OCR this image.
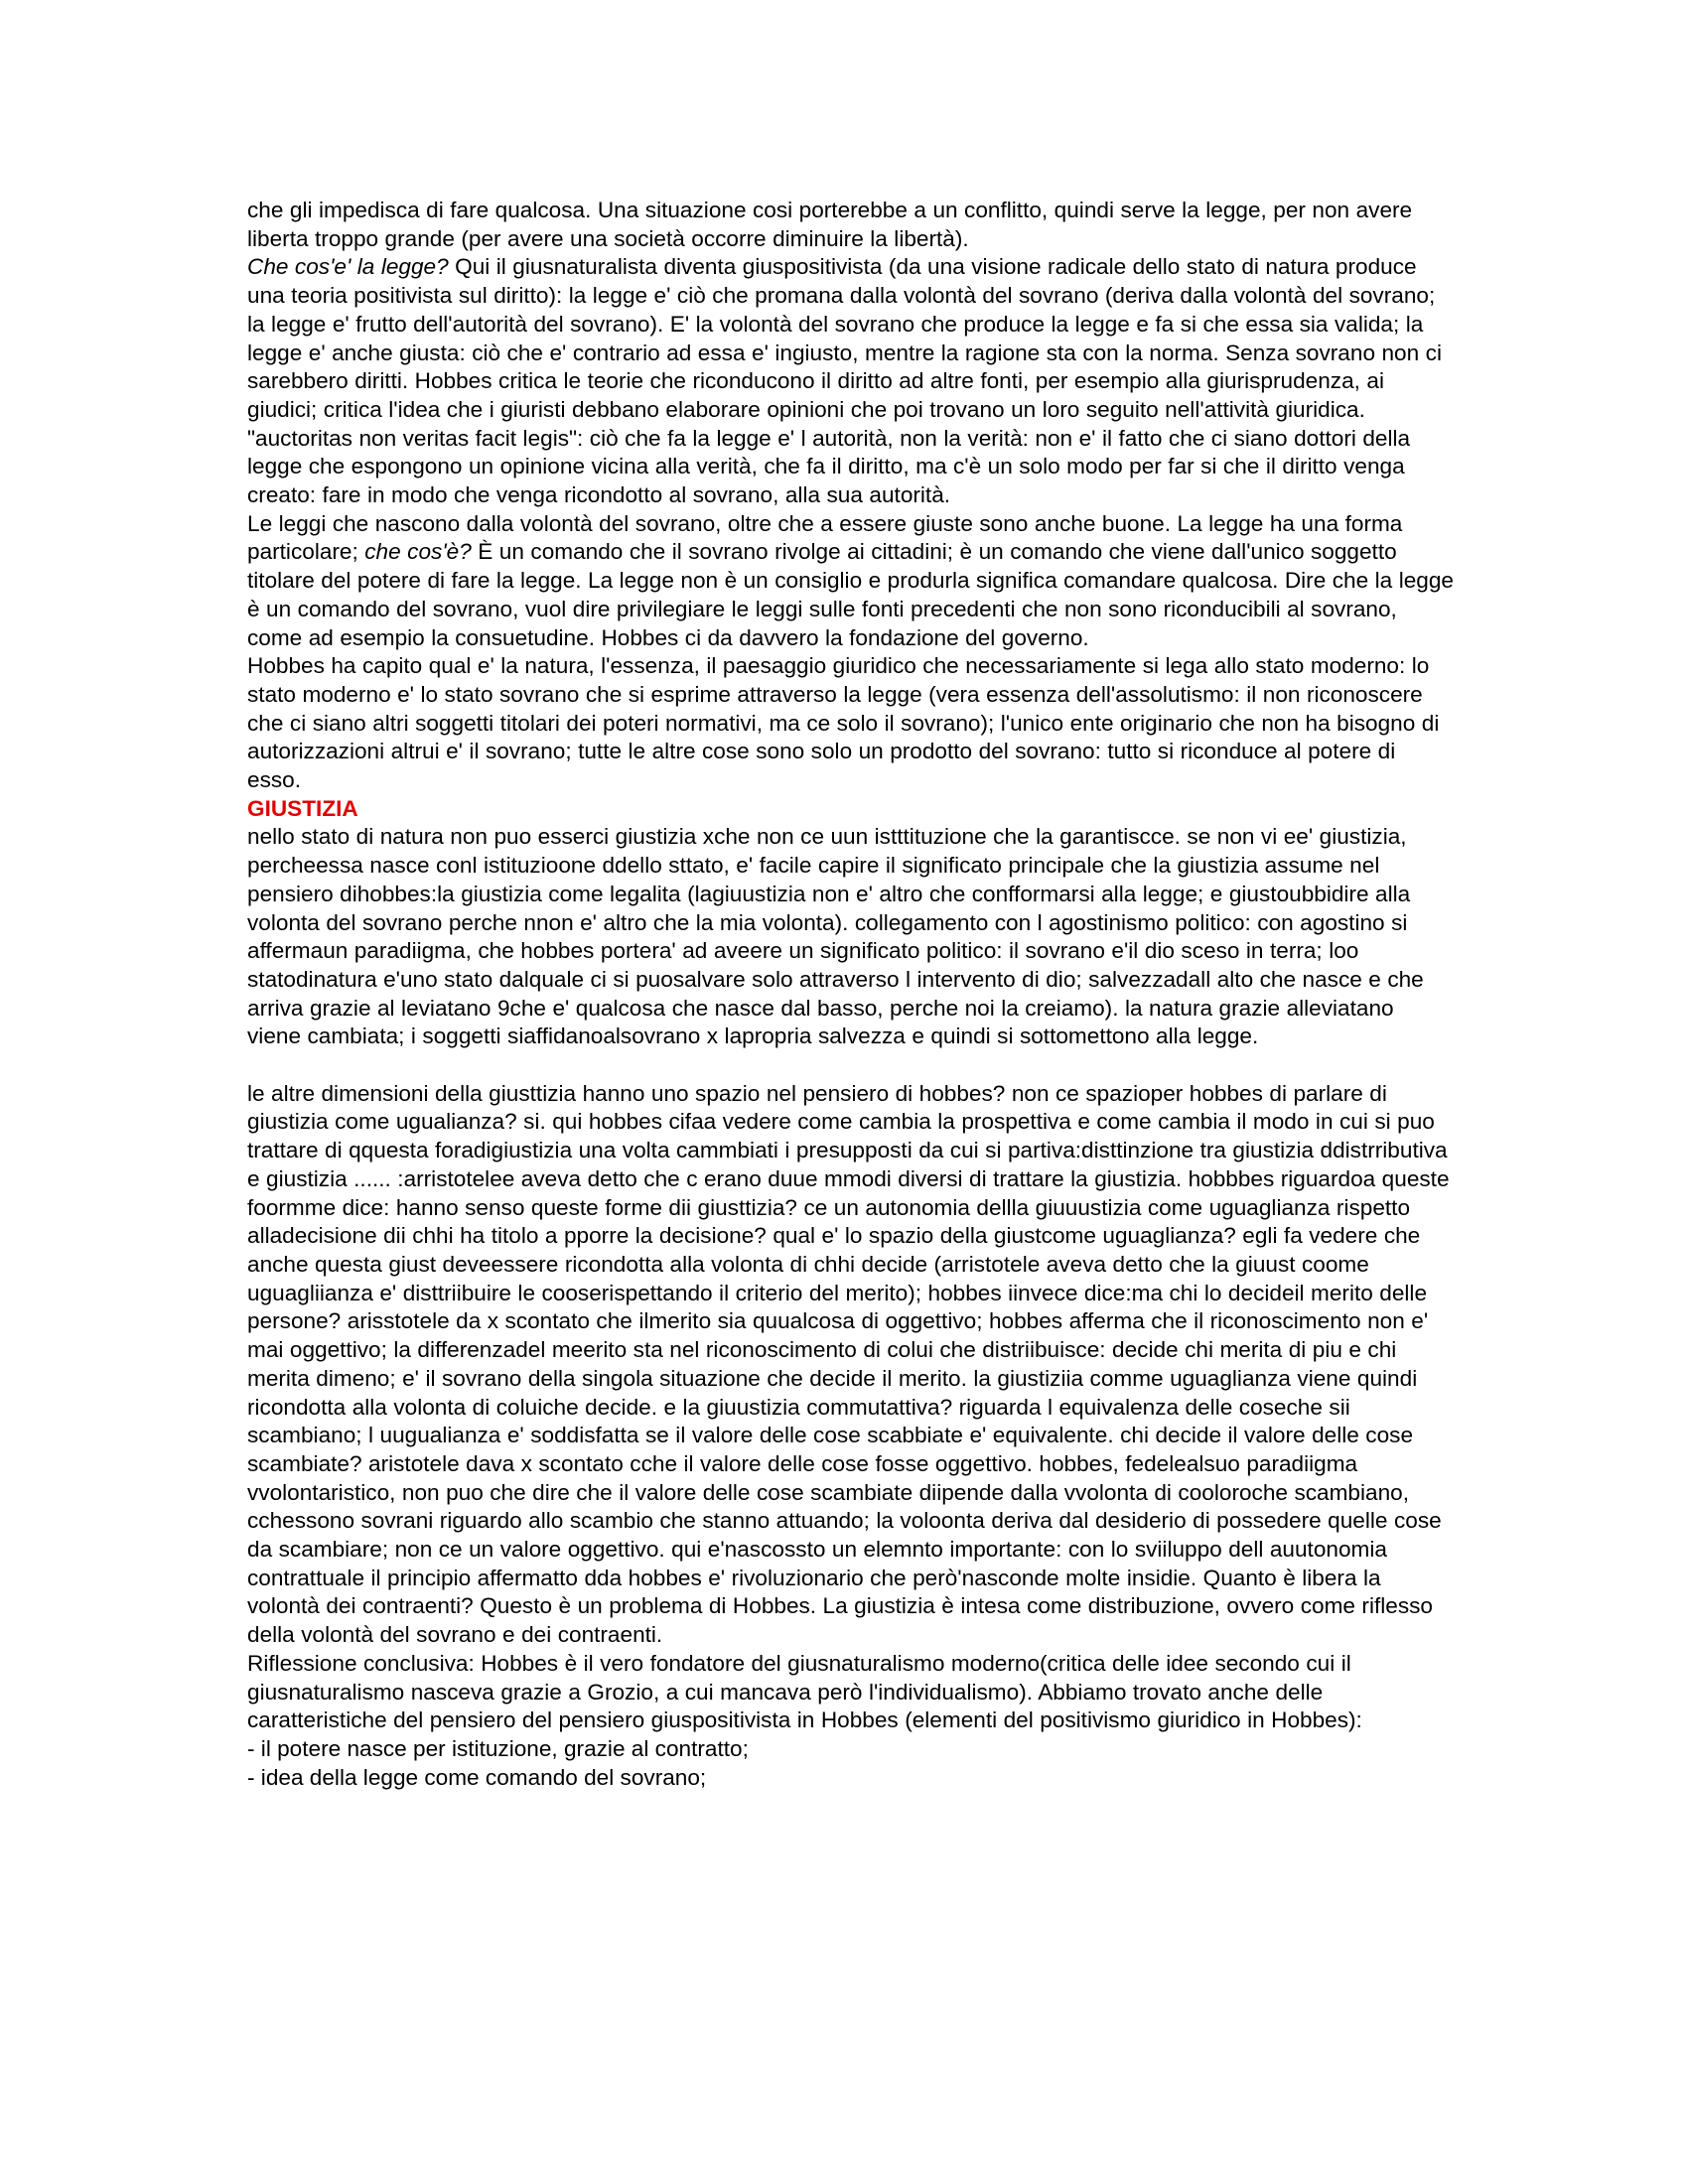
che gli impedisca di fare qualcosa. Una situazione cosi porterebbe a un conflitto, quindi serve la legge, per non avere liberta troppo grande (per avere una società occorre diminuire la libertà).

Che cos'e' la legge? Qui il giusnaturalista diventa giuspositivista (da una visione radicale dello stato di natura produce una teoria positivista sul diritto): la legge e' ciò che promana dalla volontà del sovrano (deriva dalla volontà del sovrano; la legge e' frutto dell'autorità del sovrano). E' la volontà del sovrano che produce la legge e fa si che essa sia valida; la legge e' anche giusta: ciò che e' contrario ad essa e' ingiusto, mentre la ragione sta con la norma. Senza sovrano non ci sarebbero diritti. Hobbes critica le teorie che riconducono il diritto ad altre fonti, per esempio alla giurisprudenza, ai giudici; critica l'idea che i giuristi debbano elaborare opinioni che poi trovano un loro seguito nell'attività giuridica. "auctoritas non veritas facit legis": ciò che fa la legge e' l autorità, non la verità: non e' il fatto che ci siano dottori della legge che espongono un opinione vicina alla verità, che fa il diritto, ma c'è un solo modo per far si che il diritto venga creato: fare in modo che venga ricondotto al sovrano, alla sua autorità.

Le leggi che nascono dalla volontà del sovrano, oltre che a essere giuste sono anche buone. La legge ha una forma particolare; che cos'è? È un comando che il sovrano rivolge ai cittadini; è un comando che viene dall'unico soggetto titolare del potere di fare la legge. La legge non è un consiglio e produrla significa comandare qualcosa. Dire che la legge è un comando del sovrano, vuol dire privilegiare le leggi sulle fonti precedenti che non sono riconducibili al sovrano, come ad esempio la consuetudine. Hobbes ci da davvero la fondazione del governo.

Hobbes ha capito qual e' la natura, l'essenza, il paesaggio giuridico che necessariamente si lega allo stato moderno: lo stato moderno e' lo stato sovrano che si esprime attraverso la legge (vera essenza dell'assolutismo: il non riconoscere che ci siano altri soggetti titolari dei poteri normativi, ma ce solo il sovrano); l'unico ente originario che non ha bisogno di autorizzazioni altrui e' il sovrano; tutte le altre cose sono solo un prodotto del sovrano: tutto si riconduce al potere di esso.

GIUSTIZIA

nello stato di natura non puo esserci giustizia xche non ce uun istttituzione che la garantiscce. se non vi ee' giustizia, percheessa nasce conl istituzioone ddello sttato, e' facile capire il significato principale che la giustizia assume nel pensiero dihobbes:la giustizia come legalita (lagiuustizia non e' altro che confformarsi alla legge; e giustoubbidire alla volonta del sovrano perche nnon e' altro che la mia volonta). collegamento con l agostinismo politico: con agostino si affermaun paradiigma, che hobbes portera' ad aveere un significato politico: il sovrano e'il dio sceso in terra; loo statodinatura e'uno stato dalquale ci si puosalvare solo attraverso l intervento di dio; salvezzadall alto che nasce e che arriva grazie al leviatano 9che e' qualcosa che nasce dal basso, perche noi la creiamo). la natura grazie alleviatano viene cambiata; i soggetti siaffidanoalsovrano x lapropria salvezza e quindi si sottomettono alla legge.

le altre dimensioni della giusttizia hanno uno spazio nel pensiero di hobbes? non ce spazioper hobbes di parlare di giustizia come ugualianza? si. qui hobbes cifaa vedere come cambia la prospettiva e come cambia il modo in cui si puo trattare di qquesta foradigiustizia una volta cammbiati i presupposti da cui si partiva:disttinzione tra giustizia ddistrributiva e giustizia ...... :arristotelee aveva detto che c erano duue mmodi diversi di trattare la giustizia. hobbbes riguardoa queste foormme dice: hanno senso queste forme dii giusttizia? ce un autonomia dellla giuuustizia come uguaglianza rispetto alladecisione dii chhi ha titolo a pporre la decisione? qual e' lo spazio della giustcome uguaglianza? egli fa vedere che anche questa giust deveessere ricondotta alla volonta di chhi decide (arristotele aveva detto che la giuust coome uguagliianza e' disttriibuire le cooserispettando il criterio del merito); hobbes iinvece dice:ma chi lo decideil merito delle persone? arisstotele da x scontato che ilmerito sia quualcosa di oggettivo; hobbes afferma che il riconoscimento non e' mai oggettivo; la differenzadel meerito sta nel riconoscimento di colui che distriibuisce: decide chi merita di piu e chi merita dimeno; e' il sovrano della singola situazione che decide il merito. la giustiziia comme uguaglianza viene quindi ricondotta alla volonta di coluiche decide. e la giuustizia commutattiva? riguarda l equivalenza delle coseche sii scambiano; l uugualianza e' soddisfatta se il valore delle cose scabbiate e' equivalente. chi decide il valore delle cose scambiate? aristotele dava x scontato cche il valore delle cose fosse oggettivo. hobbes, fedelealsuo paradiigma vvolontaristico, non puo che dire che il valore delle cose scambiate diipende dalla vvolonta di cooloroche scambiano, cchessono sovrani riguardo allo scambio che stanno attuando; la voloonta deriva dal desiderio di possedere quelle cose da scambiare; non ce un valore oggettivo. qui e'nascossto un elemnto importante: con lo sviiluppo dell auutonomia contrattuale il principio affermatto dda hobbes e' rivoluzionario che però'nasconde molte insidie. Quanto è libera la volontà dei contraenti? Questo è un problema di Hobbes. La giustizia è intesa come distribuzione, ovvero come riflesso della volontà del sovrano e dei contraenti.

Riflessione conclusiva: Hobbes è il vero fondatore del giusnaturalismo moderno(critica delle idee secondo cui il giusnaturalismo nasceva grazie a Grozio, a cui mancava però l'individualismo). Abbiamo trovato anche delle caratteristiche del pensiero del pensiero giuspositivista in Hobbes (elementi del positivismo giuridico in Hobbes):

- il potere nasce per istituzione, grazie al contratto;

- idea della legge come comando del sovrano;
